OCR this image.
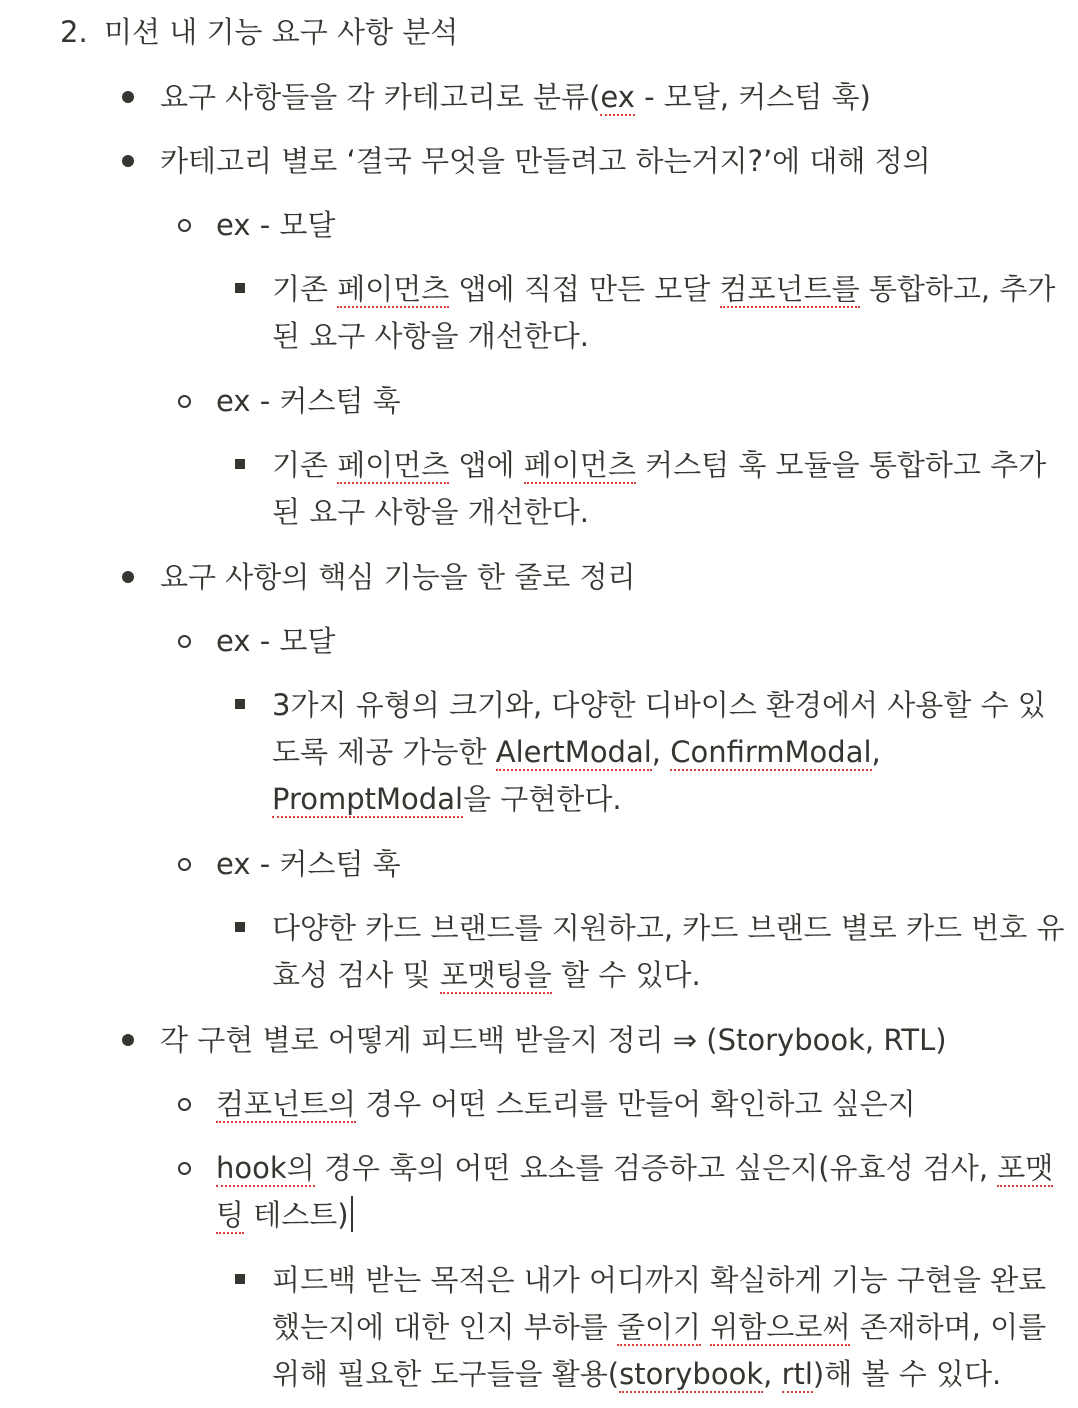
2. 미션 내 기능 요구 사항 분석
요구 사항들을 각 카테고리로 분류(ex - 모달, 커스텀 훅)
카테고리 별로 ‘결국 무엇을 만들려고 하는거지?’에 대해 정의
ex - 모달
기존 페이먼츠 앱에 직접 만든 모달 컴포넌트를 통합하고, 추가
된 요구 사항을 개선한다.
ex - 커스텀 훅
기존 페이먼츠 앱에 페이먼츠 커스텀 훅 모듈을 통합하고 추가
된 요구 사항을 개선한다.
요구 사항의 핵심 기능을 한 줄로 정리
ex - 모달
3가지 유형의 크기와, 다양한 디바이스 환경에서 사용할 수 있
도록 제공 가능한 AlertModal, ConfirmModal,
PromptModal을 구현한다.
ex - 커스텀 훅
다양한 카드 브랜드를 지원하고, 카드 브랜드 별로 카드 번호 유
효성 검사 및 포맷팅을 할 수 있다.
각 구현 별로 어떻게 피드백 받을지 정리 ⇒ (Storybook, RTL)
컴포넌트의 경우 어떤 스토리를 만들어 확인하고 싶은지
hook의 경우 훅의 어떤 요소를 검증하고 싶은지(유효성 검사, 포맷
팅 테스트)
피드백 받는 목적은 내가 어디까지 확실하게 기능 구현을 완료
했는지에 대한 인지 부하를 줄이기 위함으로써 존재하며, 이를
위해 필요한 도구들을 활용(storybook, rtl)해 볼 수 있다.
